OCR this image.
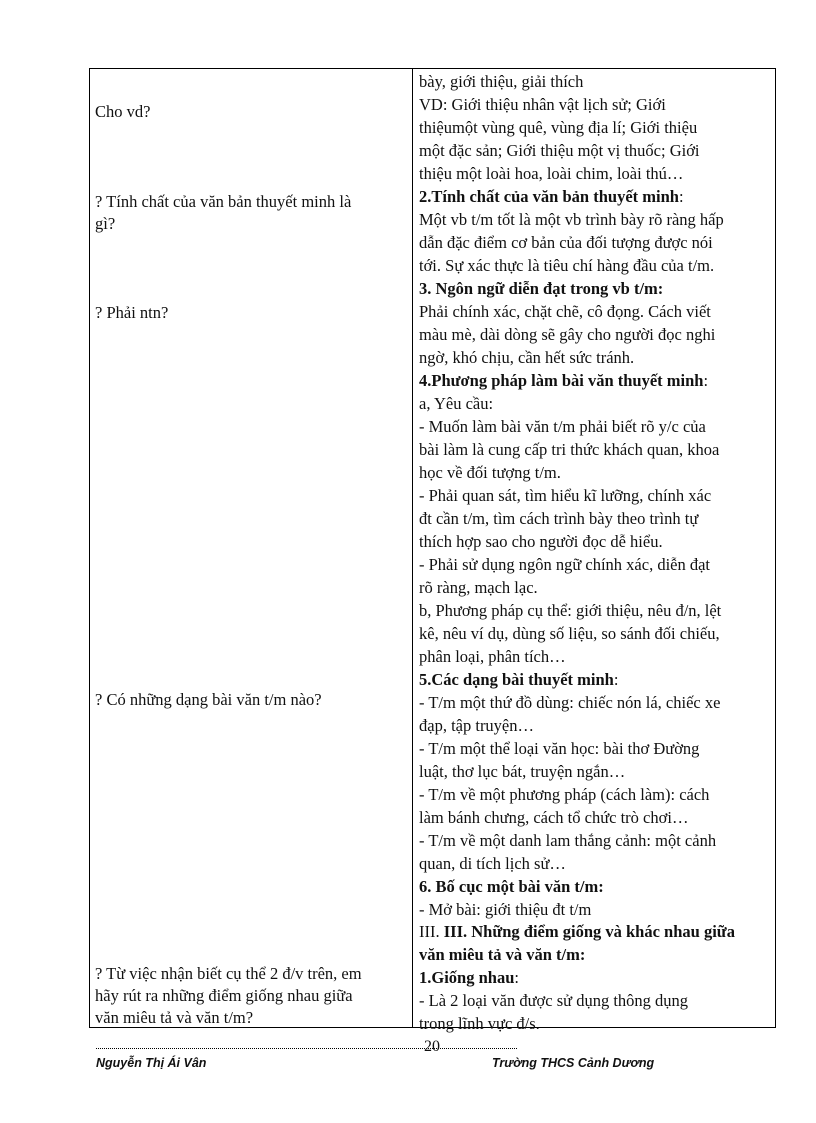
Cho vd?
? Tính chất của văn bản thuyết minh là
gì?
? Phải ntn?
? Có những dạng bài văn t/m nào?
? Từ việc nhận biết cụ thể 2 đ/v trên, em
hãy rút ra những điểm giống nhau giữa
văn miêu tả và văn t/m?
bày, giới thiệu, giải thích
VD: Giới thiệu nhân vật lịch sử; Giới
thiệumột vùng quê, vùng địa lí; Giới thiệu
một đặc sản; Giới thiệu một vị thuốc; Giới
thiệu một loài hoa, loài chim, loài thú…
2.Tính chất của văn bản thuyết minh:
Một vb t/m tốt là một vb trình bày rõ ràng hấp
dẫn đặc điểm cơ bản của đối tượng được nói
tới. Sự xác thực là tiêu chí hàng đầu của t/m.
3. Ngôn ngữ diễn đạt trong vb t/m:
Phải chính xác, chặt chẽ, cô đọng. Cách viết
màu mè, dài dòng sẽ gây cho người đọc nghi
ngờ, khó chịu, cần hết sức tránh.
4.Phương pháp làm bài văn thuyết minh:
a, Yêu cầu:
- Muốn làm bài văn t/m phải biết rõ y/c của
bài làm là cung cấp tri thức khách quan, khoa
học về đối tượng t/m.
- Phải quan sát, tìm hiểu kĩ lưỡng, chính xác
đt cần t/m, tìm cách trình bày theo trình tự
thích hợp sao cho người đọc dễ hiểu.
- Phải sử dụng ngôn ngữ chính xác, diễn đạt
rõ ràng, mạch lạc.
b, Phương pháp cụ thể: giới thiệu, nêu đ/n, lệt
kê, nêu ví dụ, dùng số liệu, so sánh đối chiếu,
phân loại, phân tích…
5.Các dạng bài thuyết minh:
- T/m một thứ đồ dùng: chiếc nón lá, chiếc xe
đạp, tập truyện…
- T/m một thể loại văn học: bài thơ Đường
luật, thơ lục bát, truyện ngắn…
- T/m về một phương pháp (cách làm): cách
làm bánh chưng, cách tổ chức trò chơi…
- T/m về một danh lam thắng cảnh: một cảnh
quan, di tích lịch sử…
6. Bố cục một bài văn t/m:
- Mở bài: giới thiệu đt t/m
III. III. Những điểm giống và khác nhau giữa
văn miêu tả và văn t/m:
1.Giống nhau:
- Là 2 loại văn được sử dụng thông dụng
trong lĩnh vực đ/s.
20
Nguyễn Thị Ái Vân	Trường THCS Cảnh Dương
